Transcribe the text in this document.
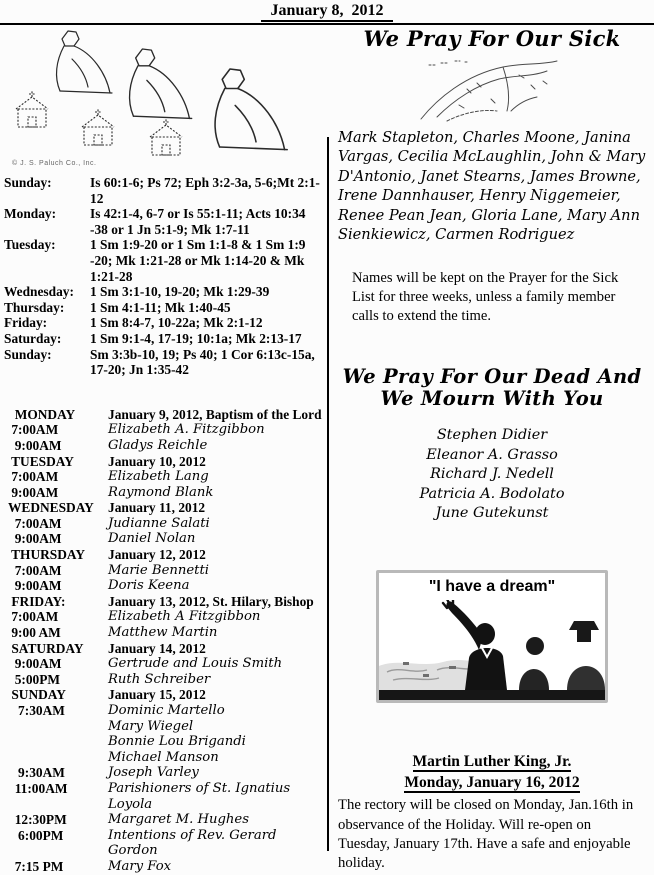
January 8,  2012
© J. S. Paluch Co., Inc.
Sunday:	Is 60:1-6; Ps 72; Eph 3:2-3a, 5-6;Mt 2:1-12
Monday:	Is 42:1-4, 6-7 or Is 55:1-11; Acts 10:34 -38 or 1 Jn 5:1-9; Mk 1:7-11
Tuesday:	1 Sm 1:9-20 or 1 Sm 1:1-8 & 1 Sm 1:9 -20; Mk 1:21-28 or Mk 1:14-20 & Mk 1:21-28
Wednesday:	1 Sm 3:1-10, 19-20; Mk 1:29-39
Thursday:	1 Sm 4:1-11; Mk 1:40-45
Friday:	1 Sm 8:4-7, 10-22a; Mk 2:1-12
Saturday:	1 Sm 9:1-4, 17-19; 10:1a; Mk 2:13-17
Sunday:	Sm 3:3b-10, 19; Ps 40; 1 Cor 6:13c-15a, 17-20; Jn 1:35-42
MONDAY	January 9, 2012, Baptism of the Lord
7:00AM	Elizabeth A. Fitzgibbon
9:00AM	Gladys Reichle
TUESDAY	January 10, 2012
7:00AM	Elizabeth Lang
9:00AM	Raymond Blank
WEDNESDAY	January 11, 2012
7:00AM	Judianne Salati
9:00AM	Daniel Nolan
THURSDAY	January 12, 2012
7:00AM	Marie Bennetti
9:00AM	Doris Keena
FRIDAY:	January 13, 2012, St. Hilary, Bishop
7:00AM	Elizabeth A Fitzgibbon
9:00 AM	Matthew Martin
SATURDAY	January 14, 2012
9:00AM	Gertrude and Louis Smith
5:00PM	Ruth Schreiber
SUNDAY	January 15, 2012
7:30AM	Dominic Martello
Mary Wiegel
Bonnie Lou Brigandi
Michael Manson
9:30AM	Joseph Varley
11:00AM	Parishioners of St. Ignatius Loyola
12:30PM	Margaret M. Hughes
6:00PM	Intentions of Rev. Gerard Gordon
7:15 PM	Mary Fox
We Pray For Our Sick
Mark Stapleton, Charles Moone, Janina Vargas, Cecilia McLaughlin, John & Mary D'Antonio, Janet Stearns, James Browne, Irene Dannhauser, Henry Niggemeier, Renee Pean Jean, Gloria Lane, Mary Ann Sienkiewicz, Carmen Rodriguez
Names will be kept on the Prayer for the Sick List for three weeks, unless a family member calls to extend the time.
We Pray For Our Dead And
We Mourn With You
Stephen Didier
Eleanor A. Grasso
Richard J. Nedell
Patricia A. Bodolato
June Gutekunst
"I have a dream"
Martin Luther King, Jr.
Monday, January 16, 2012
The rectory will be closed on Monday, Jan.16th in observance of the Holiday. Will re-open on Tuesday, January 17th. Have a safe and enjoyable holiday.
